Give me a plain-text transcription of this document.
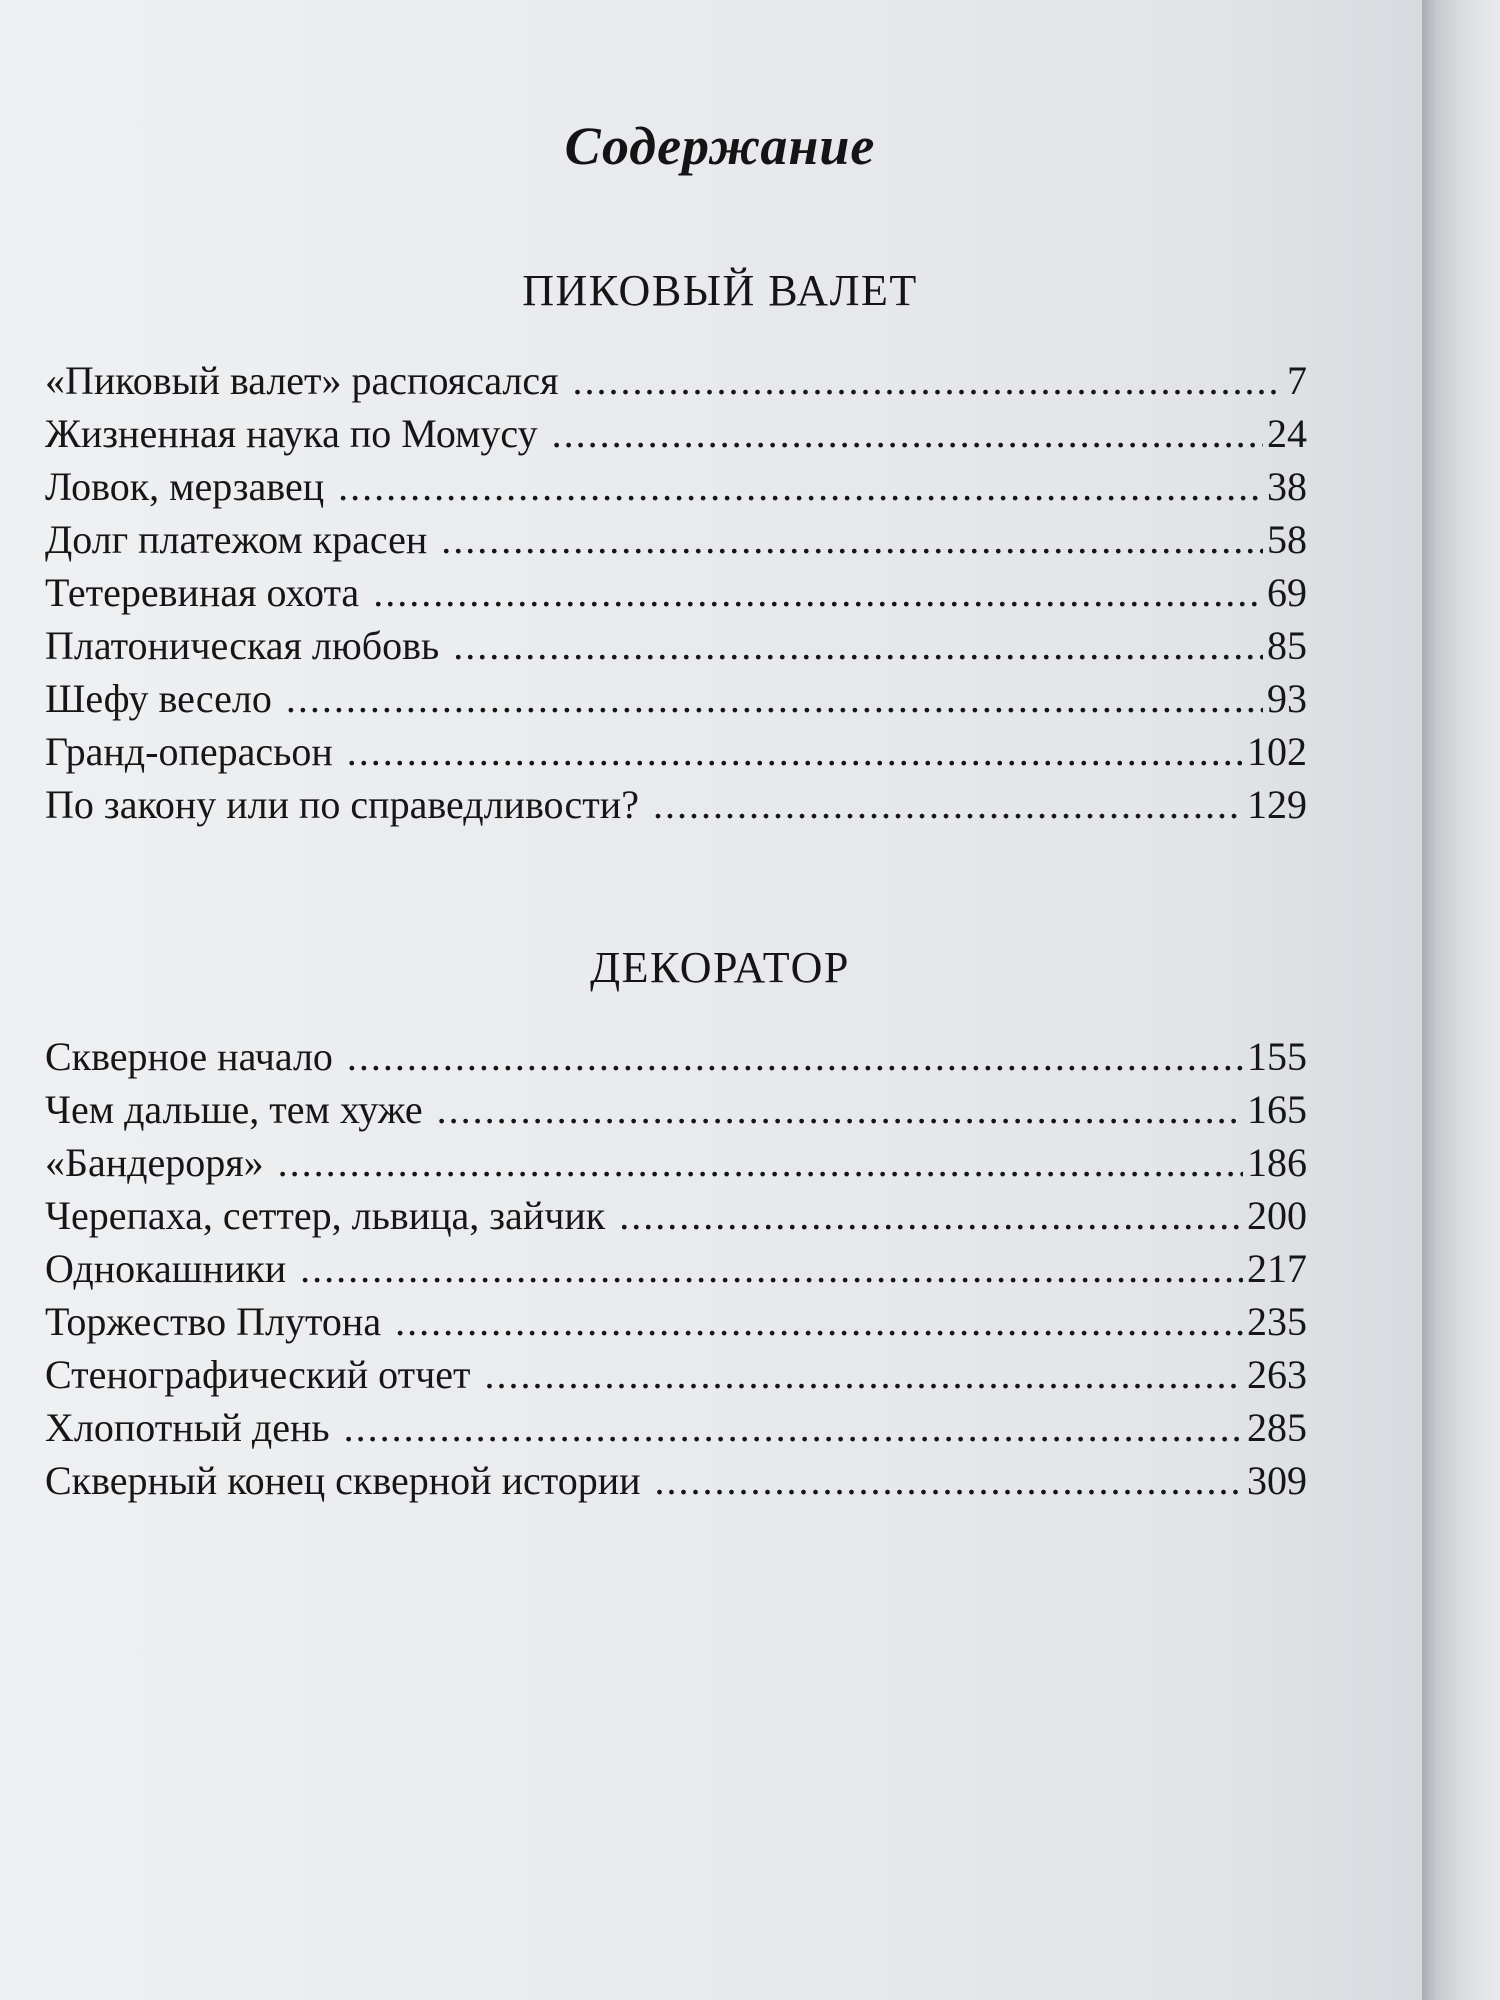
Содержание
ПИКОВЫЙ ВАЛЕТ
«Пиковый валет» распоясался .....	7
Жизненная наука по Момусу .....	24
Ловок, мерзавец .....	38
Долг платежом красен .....	58
Тетеревиная охота .....	69
Платоническая любовь .....	85
Шефу весело .....	93
Гранд-операсьон .....	102
По закону или по справедливости? .....	129
ДЕКОРАТОР
Скверное начало .....	155
Чем дальше, тем хуже .....	165
«Бандероря» .....	186
Черепаха, сеттер, львица, зайчик .....	200
Однокашники .....	217
Торжество Плутона .....	235
Стенографический отчет .....	263
Хлопотный день .....	285
Скверный конец скверной истории .....	309
